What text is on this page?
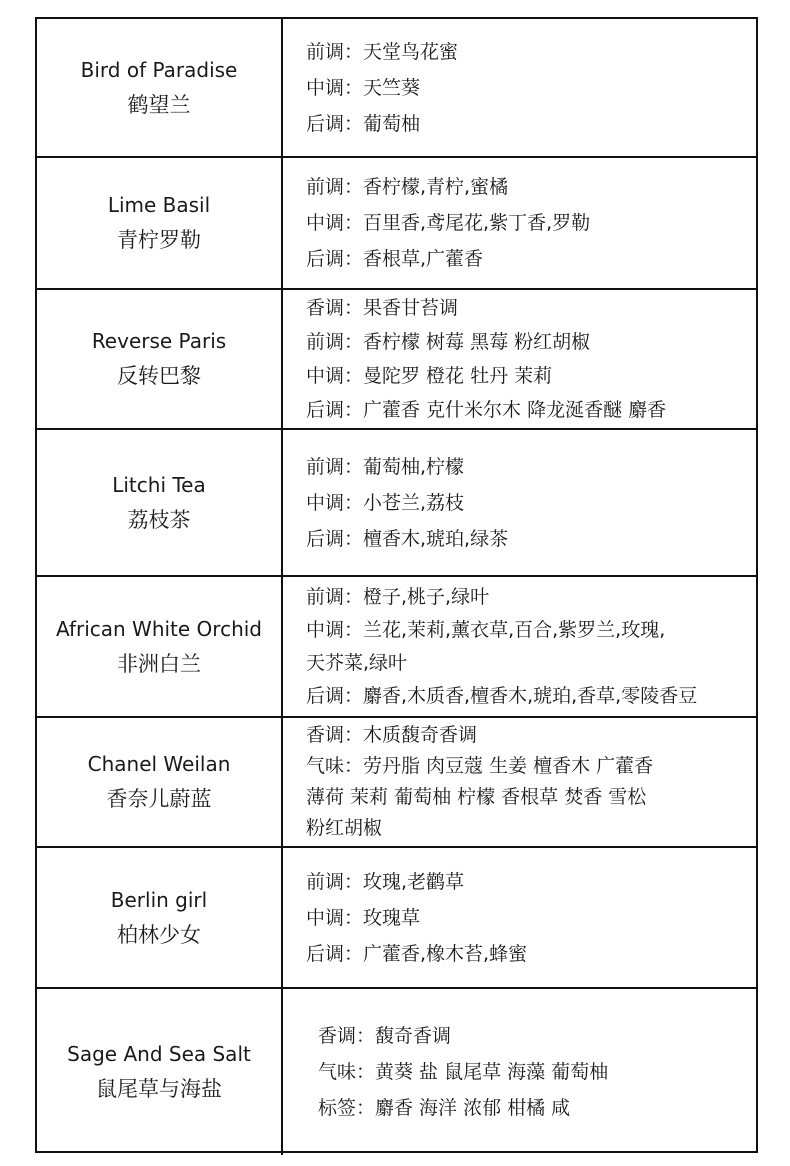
Bird of Paradise
鹤望兰
前调：天堂鸟花蜜
中调：天竺葵
后调：葡萄柚
Lime Basil
青柠罗勒
前调：香柠檬,青柠,蜜橘
中调：百里香,鸢尾花,紫丁香,罗勒
后调：香根草,广藿香
Reverse Paris
反转巴黎
香调：果香甘苔调
前调：香柠檬 树莓 黑莓 粉红胡椒
中调：曼陀罗 橙花 牡丹 茉莉
后调：广藿香 克什米尔木 降龙涎香醚 麝香
Litchi Tea
荔枝茶
前调：葡萄柚,柠檬
中调：小苍兰,荔枝
后调：檀香木,琥珀,绿茶
African White Orchid
非洲白兰
前调：橙子,桃子,绿叶
中调：兰花,茉莉,薰衣草,百合,紫罗兰,玫瑰,
天芥菜,绿叶
后调：麝香,木质香,檀香木,琥珀,香草,零陵香豆
Chanel Weilan
香奈儿蔚蓝
香调：木质馥奇香调
气味：劳丹脂 肉豆蔻 生姜 檀香木 广藿香
薄荷 茉莉 葡萄柚 柠檬 香根草 焚香 雪松
粉红胡椒
Berlin girl
柏林少女
前调：玫瑰,老鹳草
中调：玫瑰草
后调：广藿香,橡木苔,蜂蜜
Sage And Sea Salt
鼠尾草与海盐
香调：馥奇香调
气味：黄葵 盐 鼠尾草 海藻 葡萄柚
标签：麝香 海洋 浓郁 柑橘 咸
